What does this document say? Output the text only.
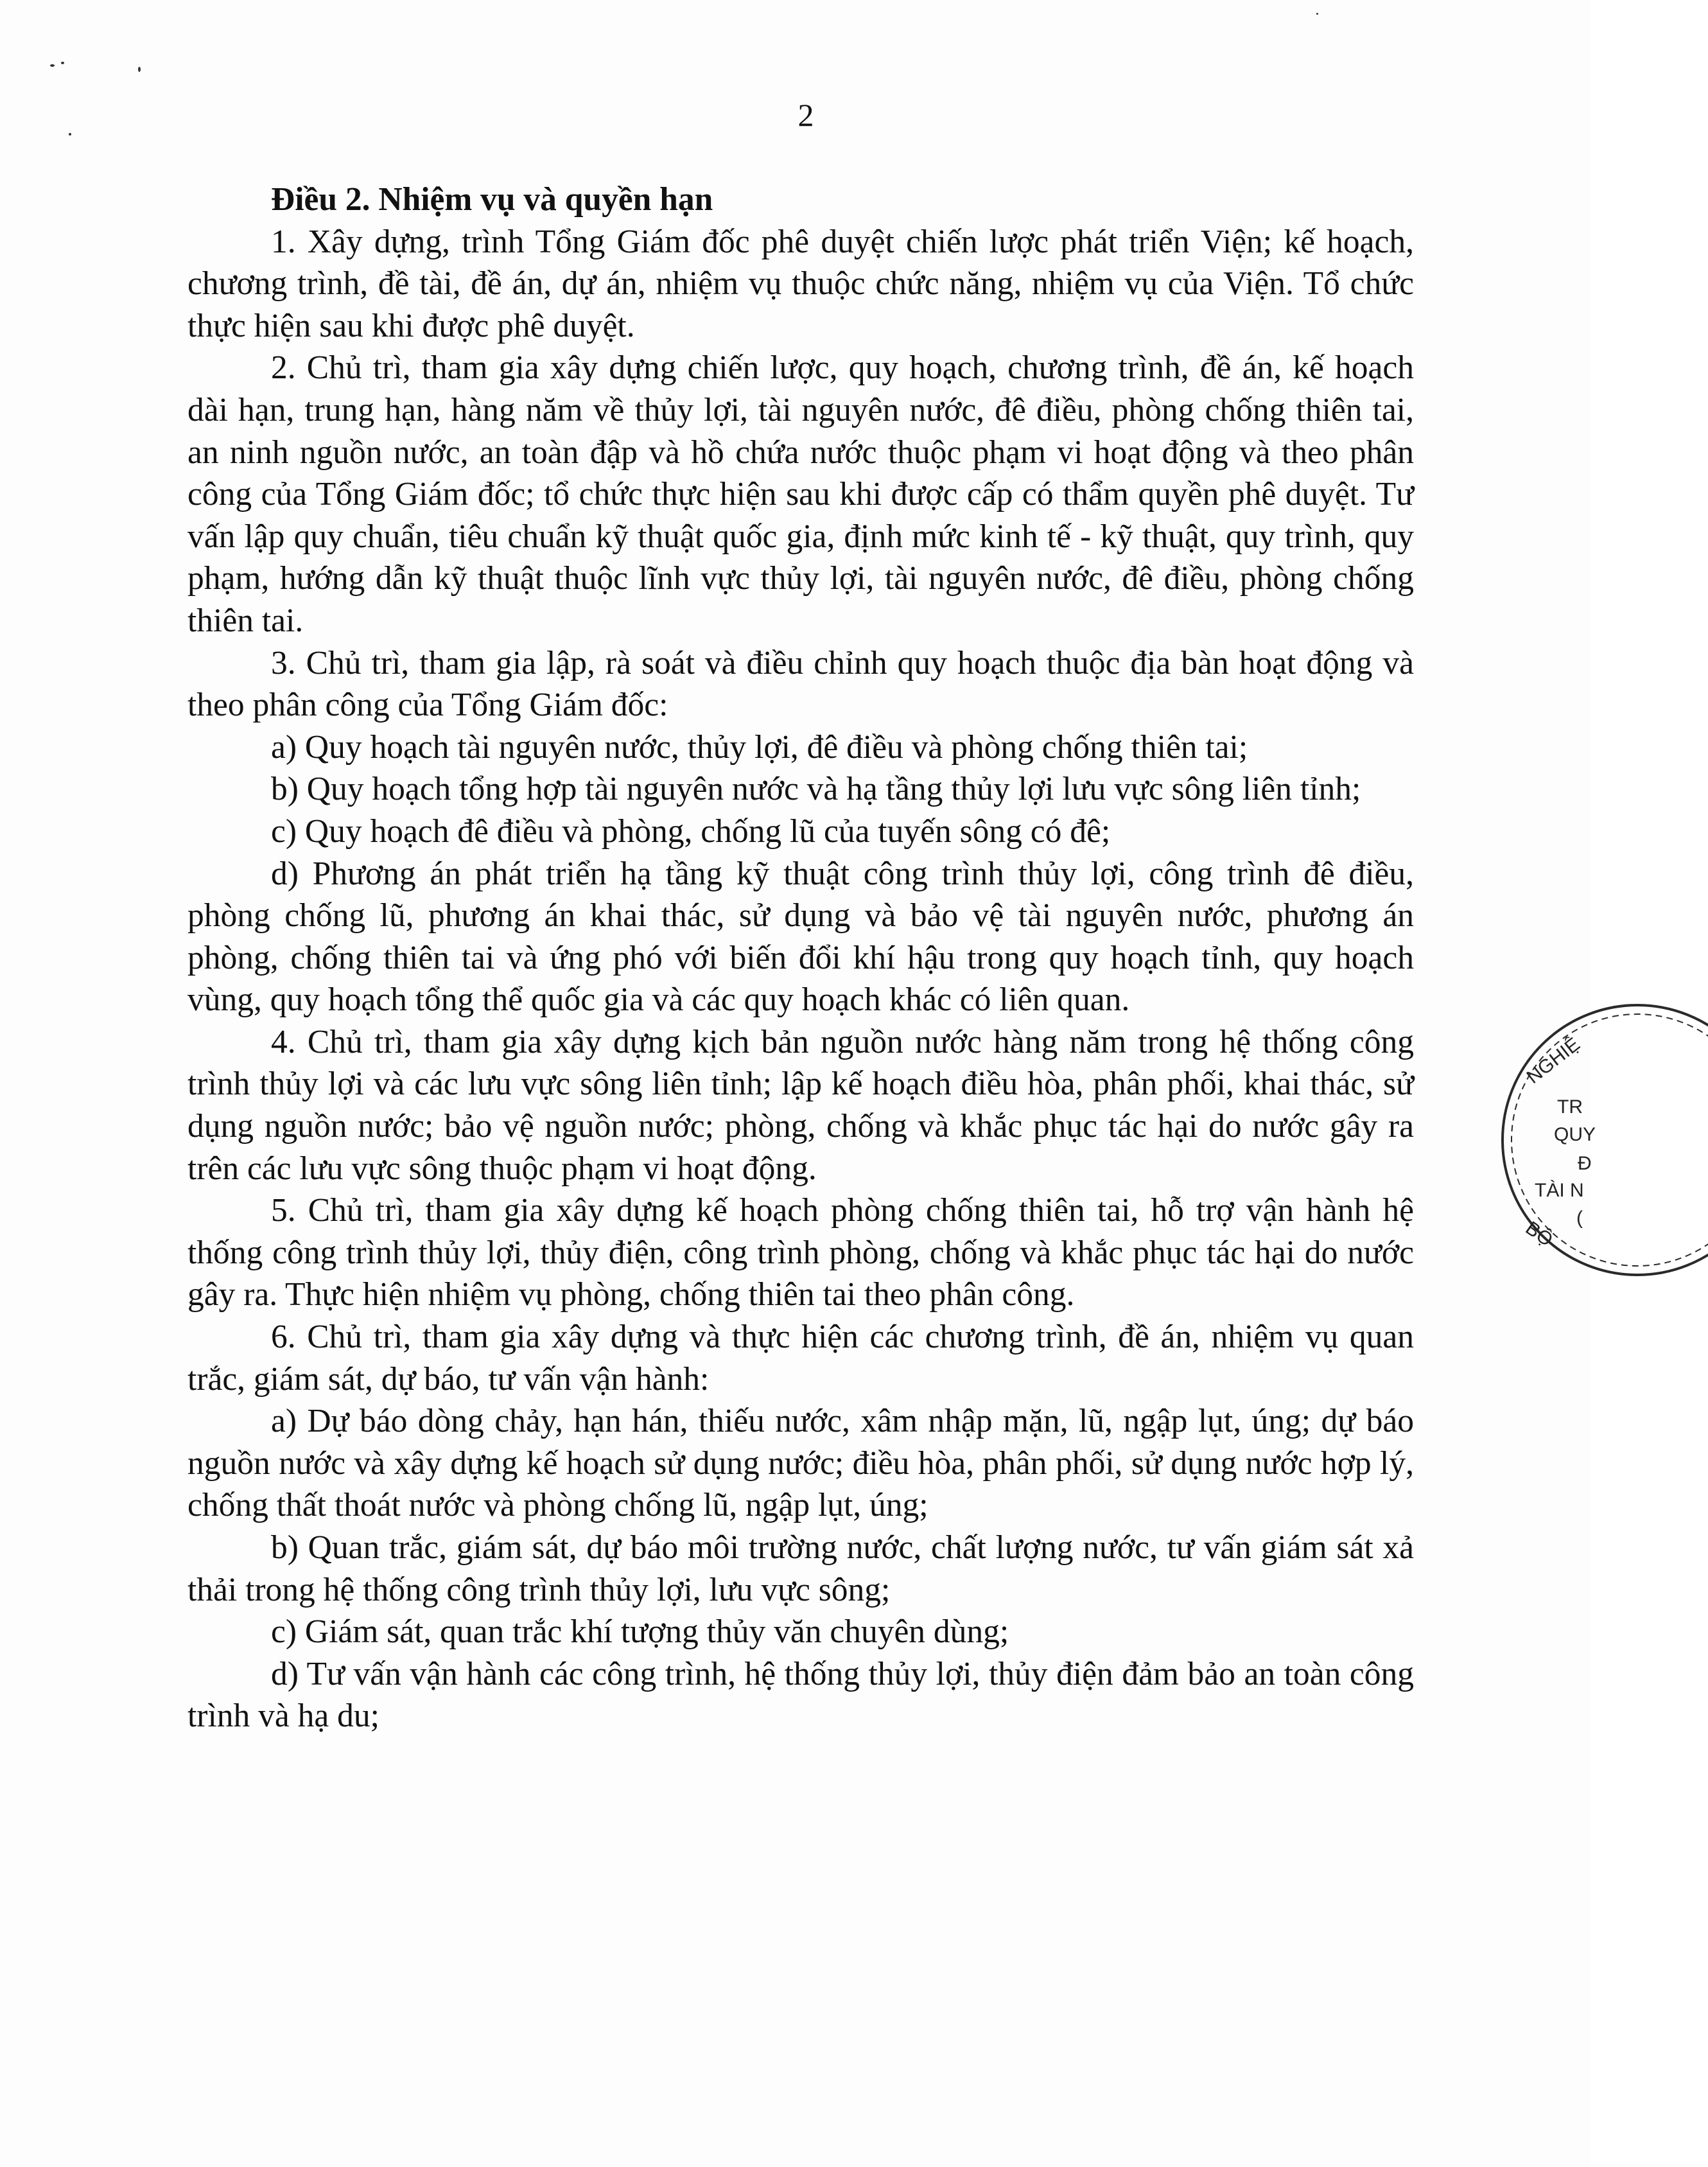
2

Điều 2. Nhiệm vụ và quyền hạn

1. Xây dựng, trình Tổng Giám đốc phê duyệt chiến lược phát triển Viện; kế hoạch, chương trình, đề tài, đề án, dự án, nhiệm vụ thuộc chức năng, nhiệm vụ của Viện. Tổ chức thực hiện sau khi được phê duyệt.

2. Chủ trì, tham gia xây dựng chiến lược, quy hoạch, chương trình, đề án, kế hoạch dài hạn, trung hạn, hàng năm về thủy lợi, tài nguyên nước, đê điều, phòng chống thiên tai, an ninh nguồn nước, an toàn đập và hồ chứa nước thuộc phạm vi hoạt động và theo phân công của Tổng Giám đốc; tổ chức thực hiện sau khi được cấp có thẩm quyền phê duyệt. Tư vấn lập quy chuẩn, tiêu chuẩn kỹ thuật quốc gia, định mức kinh tế - kỹ thuật, quy trình, quy phạm, hướng dẫn kỹ thuật thuộc lĩnh vực thủy lợi, tài nguyên nước, đê điều, phòng chống thiên tai.

3. Chủ trì, tham gia lập, rà soát và điều chỉnh quy hoạch thuộc địa bàn hoạt động và theo phân công của Tổng Giám đốc:

a) Quy hoạch tài nguyên nước, thủy lợi, đê điều và phòng chống thiên tai;

b) Quy hoạch tổng hợp tài nguyên nước và hạ tầng thủy lợi lưu vực sông liên tỉnh;

c) Quy hoạch đê điều và phòng, chống lũ của tuyến sông có đê;

d) Phương án phát triển hạ tầng kỹ thuật công trình thủy lợi, công trình đê điều, phòng chống lũ, phương án khai thác, sử dụng và bảo vệ tài nguyên nước, phương án phòng, chống thiên tai và ứng phó với biến đổi khí hậu trong quy hoạch tỉnh, quy hoạch vùng, quy hoạch tổng thể quốc gia và các quy hoạch khác có liên quan.

4. Chủ trì, tham gia xây dựng kịch bản nguồn nước hàng năm trong hệ thống công trình thủy lợi và các lưu vực sông liên tỉnh; lập kế hoạch điều hòa, phân phối, khai thác, sử dụng nguồn nước; bảo vệ nguồn nước; phòng, chống và khắc phục tác hại do nước gây ra trên các lưu vực sông thuộc phạm vi hoạt động.

5. Chủ trì, tham gia xây dựng kế hoạch phòng chống thiên tai, hỗ trợ vận hành hệ thống công trình thủy lợi, thủy điện, công trình phòng, chống và khắc phục tác hại do nước gây ra. Thực hiện nhiệm vụ phòng, chống thiên tai theo phân công.

6. Chủ trì, tham gia xây dựng và thực hiện các chương trình, đề án, nhiệm vụ quan trắc, giám sát, dự báo, tư vấn vận hành:

a) Dự báo dòng chảy, hạn hán, thiếu nước, xâm nhập mặn, lũ, ngập lụt, úng; dự báo nguồn nước và xây dựng kế hoạch sử dụng nước; điều hòa, phân phối, sử dụng nước hợp lý, chống thất thoát nước và phòng chống lũ, ngập lụt, úng;

b) Quan trắc, giám sát, dự báo môi trường nước, chất lượng nước, tư vấn giám sát xả thải trong hệ thống công trình thủy lợi, lưu vực sông;

c) Giám sát, quan trắc khí tượng thủy văn chuyên dùng;

d) Tư vấn vận hành các công trình, hệ thống thủy lợi, thủy điện đảm bảo an toàn công trình và hạ du;

NGHIỆ
TR
QUY
Đ
TÀI N
(
BỘ
